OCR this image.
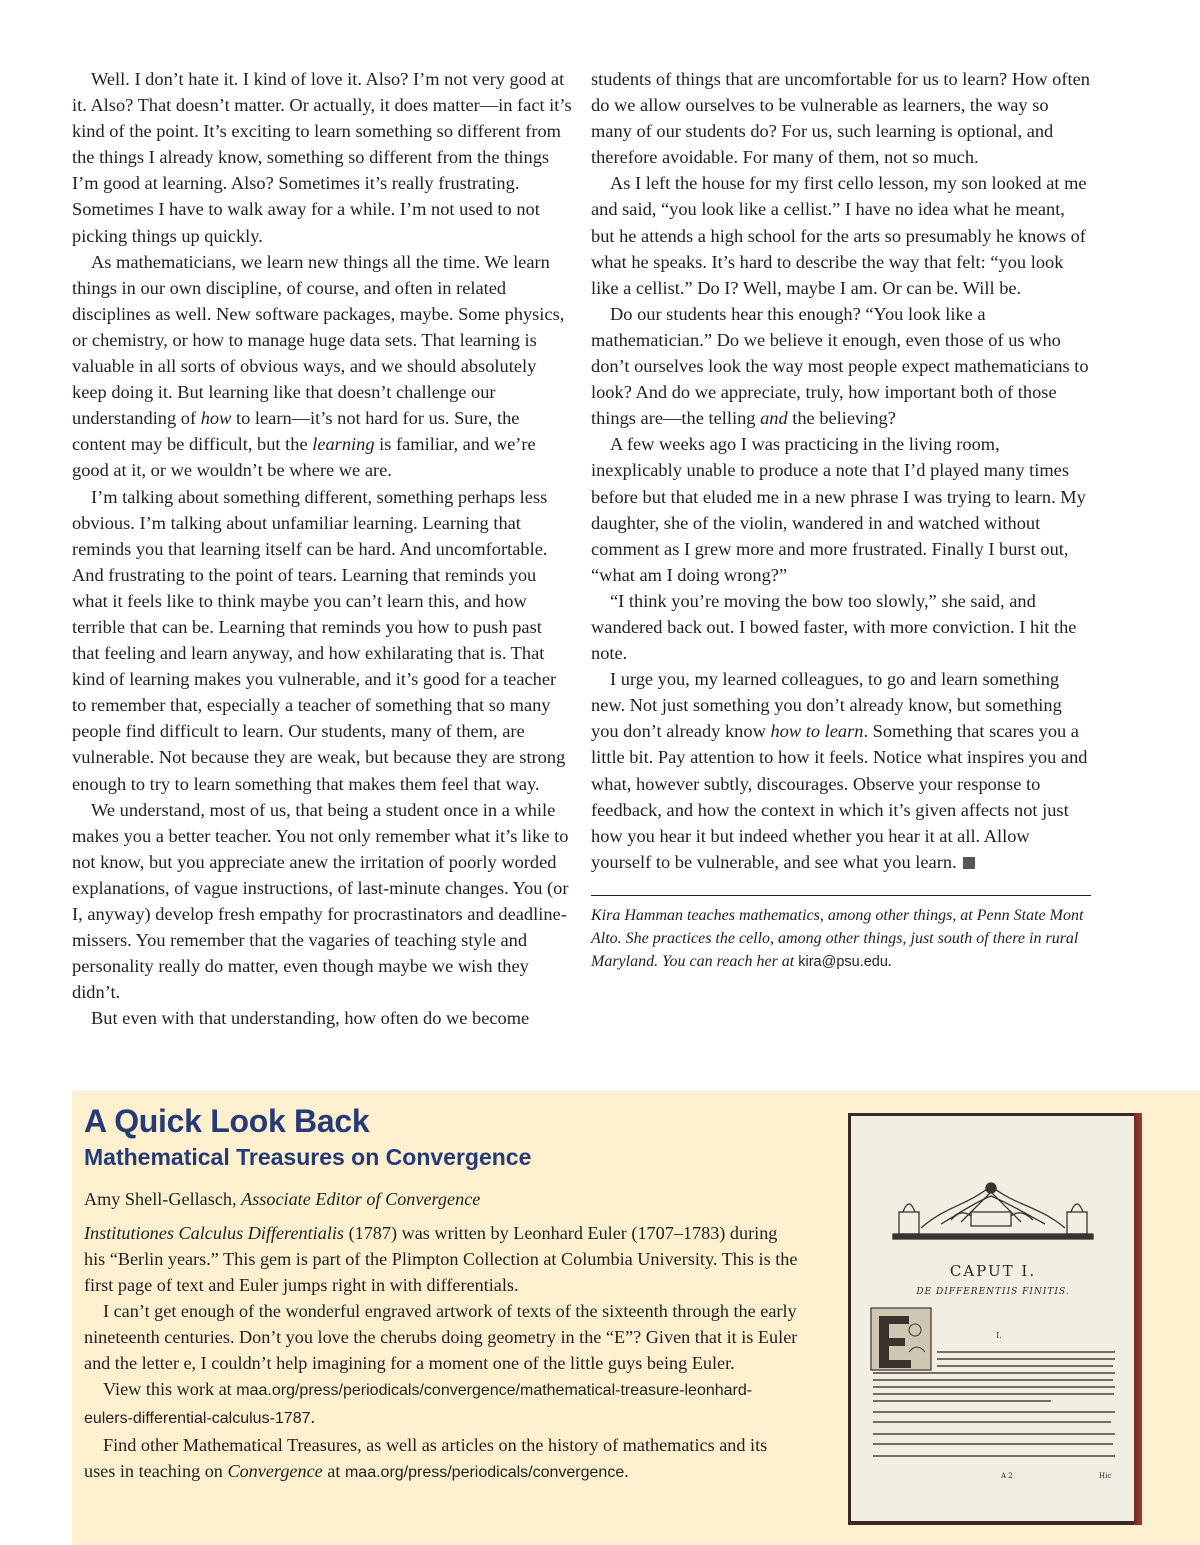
Well. I don’t hate it. I kind of love it. Also? I’m not very good at it. Also? That doesn’t matter. Or actually, it does matter—in fact it’s kind of the point. It’s exciting to learn something so different from the things I already know, something so different from the things I’m good at learning. Also? Sometimes it’s really frustrating. Sometimes I have to walk away for a while. I’m not used to not picking things up quickly.

As mathematicians, we learn new things all the time. We learn things in our own discipline, of course, and often in related disciplines as well. New software packages, maybe. Some physics, or chemistry, or how to manage huge data sets. That learning is valuable in all sorts of obvious ways, and we should absolutely keep doing it. But learning like that doesn’t challenge our understanding of how to learn—it’s not hard for us. Sure, the content may be difficult, but the learning is familiar, and we’re good at it, or we wouldn’t be where we are.

I’m talking about something different, something perhaps less obvious. I’m talking about unfamiliar learning. Learning that reminds you that learning itself can be hard. And uncomfortable. And frustrating to the point of tears. Learning that reminds you what it feels like to think maybe you can’t learn this, and how terrible that can be. Learning that reminds you how to push past that feeling and learn anyway, and how exhilarating that is. That kind of learning makes you vulnerable, and it’s good for a teacher to remember that, especially a teacher of something that so many people find difficult to learn. Our students, many of them, are vulnerable. Not because they are weak, but because they are strong enough to try to learn something that makes them feel that way.

We understand, most of us, that being a student once in a while makes you a better teacher. You not only remember what it’s like to not know, but you appreciate anew the irritation of poorly worded explanations, of vague instructions, of last-minute changes. You (or I, anyway) develop fresh empathy for procrastinators and deadline-missers. You remember that the vagaries of teaching style and personality really do matter, even though maybe we wish they didn’t.

But even with that understanding, how often do we become

students of things that are uncomfortable for us to learn? How often do we allow ourselves to be vulnerable as learners, the way so many of our students do? For us, such learning is optional, and therefore avoidable. For many of them, not so much.

As I left the house for my first cello lesson, my son looked at me and said, “you look like a cellist.” I have no idea what he meant, but he attends a high school for the arts so presumably he knows of what he speaks. It’s hard to describe the way that felt: “you look like a cellist.” Do I? Well, maybe I am. Or can be. Will be.

Do our students hear this enough? “You look like a mathematician.” Do we believe it enough, even those of us who don’t ourselves look the way most people expect mathematicians to look? And do we appreciate, truly, how important both of those things are—the telling and the believing?

A few weeks ago I was practicing in the living room, inexplicably unable to produce a note that I’d played many times before but that eluded me in a new phrase I was trying to learn. My daughter, she of the violin, wandered in and watched without comment as I grew more and more frustrated. Finally I burst out, “what am I doing wrong?”

“I think you’re moving the bow too slowly,” she said, and wandered back out. I bowed faster, with more conviction. I hit the note.

I urge you, my learned colleagues, to go and learn something new. Not just something you don’t already know, but something you don’t already know how to learn. Something that scares you a little bit. Pay attention to how it feels. Notice what inspires you and what, however subtly, discourages. Observe your response to feedback, and how the context in which it’s given affects not just how you hear it but indeed whether you hear it at all. Allow yourself to be vulnerable, and see what you learn.

Kira Hamman teaches mathematics, among other things, at Penn State Mont Alto. She practices the cello, among other things, just south of there in rural Maryland. You can reach her at kira@psu.edu.
A Quick Look Back
Mathematical Treasures on Convergence

Amy Shell-Gellasch, Associate Editor of Convergence

Institutiones Calculus Differentialis (1787) was written by Leonhard Euler (1707–1783) during his “Berlin years.” This gem is part of the Plimpton Collection at Columbia University. This is the first page of text and Euler jumps right in with differentials.

I can’t get enough of the wonderful engraved artwork of texts of the sixteenth through the early nineteenth centuries. Don’t you love the cherubs doing geometry in the “E”? Given that it is Euler and the letter e, I couldn’t help imagining for a moment one of the little guys being Euler.

View this work at maa.org/press/periodicals/convergence/mathematical-treasure-leonhard-eulers-differential-calculus-1787.

Find other Mathematical Treasures, as well as articles on the history of mathematics and its uses in teaching on Convergence at maa.org/press/periodicals/convergence.

CAPUT I.
DE DIFFERENTIIS FINITIS.
I.
A 2	Hic
